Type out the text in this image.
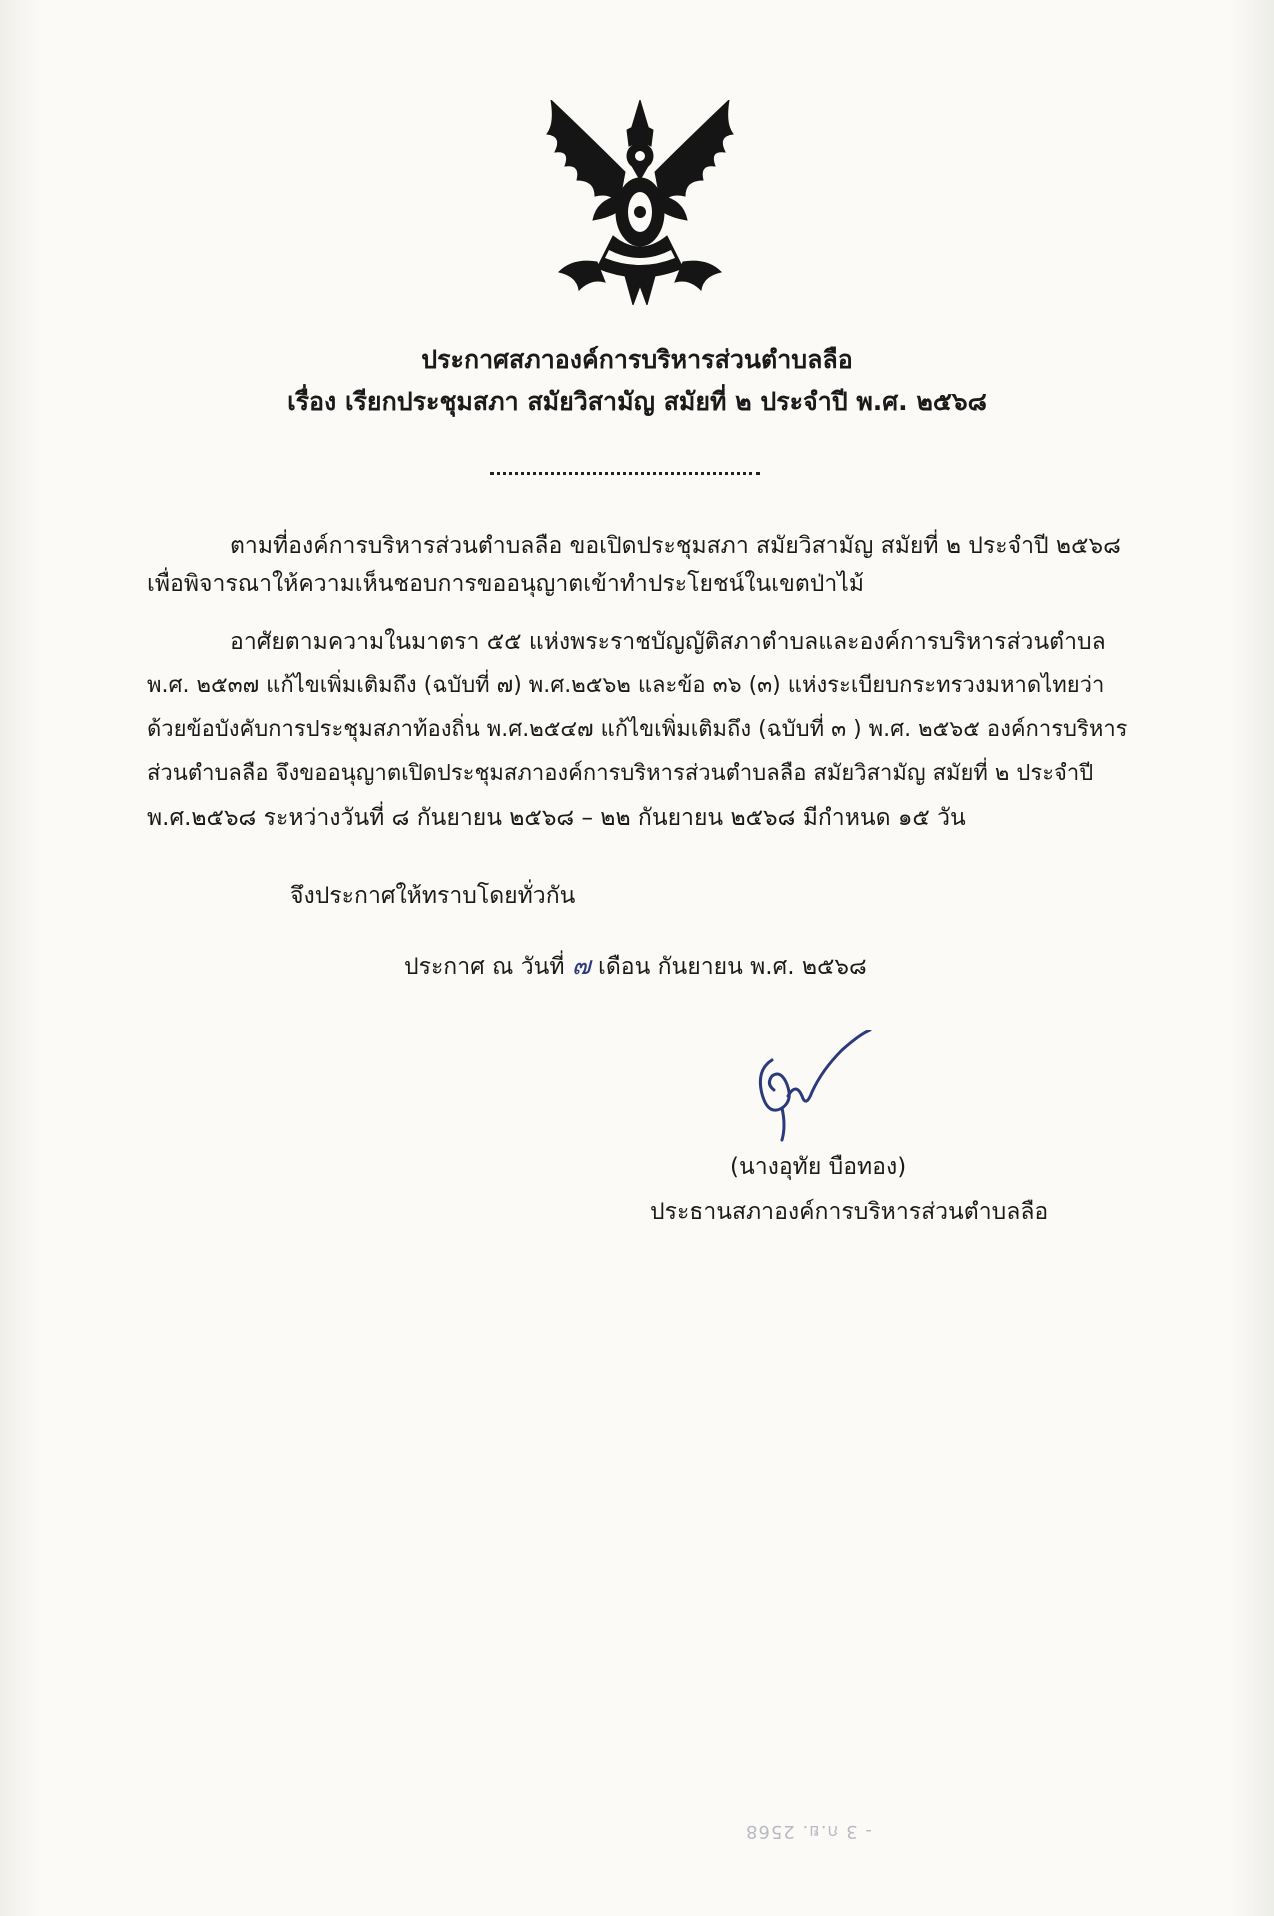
ประกาศสภาองค์การบริหารส่วนตำบลลือ
เรื่อง เรียกประชุมสภา สมัยวิสามัญ สมัยที่ ๒ ประจำปี พ.ศ. ๒๕๖๘
ตามที่องค์การบริหารส่วนตำบลลือ ขอเปิดประชุมสภา สมัยวิสามัญ สมัยที่ ๒ ประจำปี ๒๕๖๘
เพื่อพิจารณาให้ความเห็นชอบการขออนุญาตเข้าทำประโยชน์ในเขตป่าไม้
อาศัยตามความในมาตรา ๕๕ แห่งพระราชบัญญัติสภาตำบลและองค์การบริหารส่วนตำบล
พ.ศ. ๒๕๓๗ แก้ไขเพิ่มเติมถึง (ฉบับที่ ๗) พ.ศ.๒๕๖๒ และข้อ ๓๖ (๓) แห่งระเบียบกระทรวงมหาดไทยว่า
ด้วยข้อบังคับการประชุมสภาท้องถิ่น พ.ศ.๒๕๔๗ แก้ไขเพิ่มเติมถึง (ฉบับที่ ๓ ) พ.ศ. ๒๕๖๕ องค์การบริหาร
ส่วนตำบลลือ จึงขออนุญาตเปิดประชุมสภาองค์การบริหารส่วนตำบลลือ สมัยวิสามัญ สมัยที่ ๒ ประจำปี
พ.ศ.๒๕๖๘ ระหว่างวันที่ ๘ กันยายน ๒๕๖๘ – ๒๒ กันยายน ๒๕๖๘ มีกำหนด ๑๕ วัน
จึงประกาศให้ทราบโดยทั่วกัน
ประกาศ ณ วันที่ ๗ เดือน กันยายน พ.ศ. ๒๕๖๘
(นางอุทัย บือทอง)
ประธานสภาองค์การบริหารส่วนตำบลลือ
- 3 ก.ย. 2568
